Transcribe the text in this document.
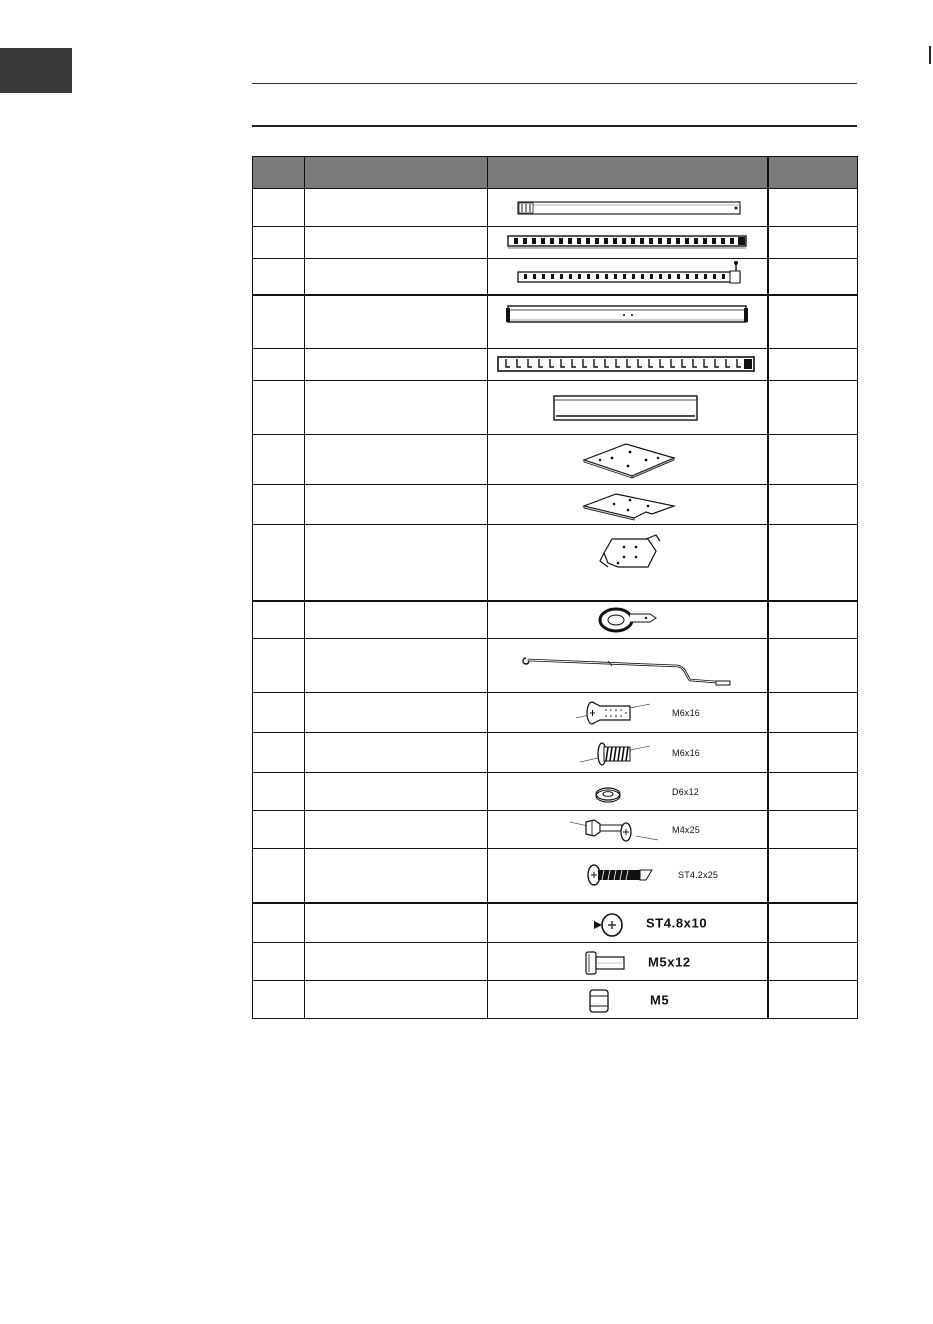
		M6x16	

		M6x16	

		D6x12	

		M4x25	

		ST4.2x25	

		ST4.8x10	

		M5x12	

		M5	
